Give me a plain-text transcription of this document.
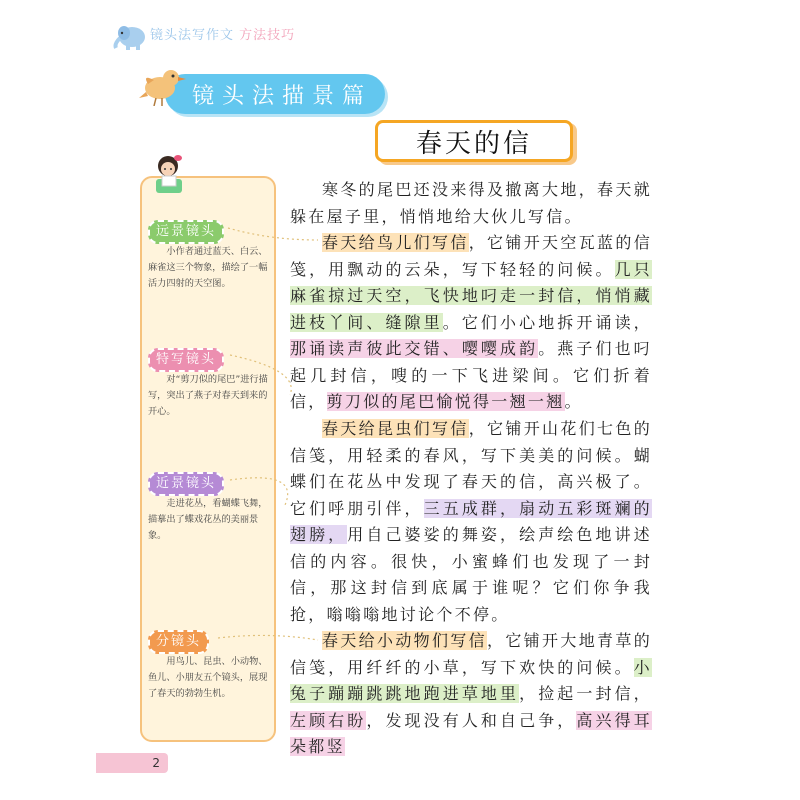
镜头法写作文 方法技巧
镜头法描景篇
春天的信
远景镜头
小作者通过蓝天、白云、麻雀这三个物象，描绘了一幅活力四射的天空图。
特写镜头
对“剪刀似的尾巴”进行描写，突出了燕子对春天到来的开心。
近景镜头
走进花丛，看蝴蝶飞舞，描摹出了蝶戏花丛的美丽景象。
分镜头
用鸟儿、昆虫、小动物、鱼儿、小朋友五个镜头，展现了春天的勃勃生机。
寒冬的尾巴还没来得及撤离大地，春天就躲在屋子里，悄悄地给大伙儿写信。
春天给鸟儿们写信，它铺开天空瓦蓝的信笺，用飘动的云朵，写下轻轻的问候。几只麻雀掠过天空，飞快地叼走一封信，悄悄藏进枝丫间、缝隙里。它们小心地拆开诵读，那诵读声彼此交错、嘤嘤成韵。燕子们也叼起几封信，嗖的一下飞进梁间。它们折着信，剪刀似的尾巴愉悦得一翘一翘。
春天给昆虫们写信，它铺开山花们七色的信笺，用轻柔的春风，写下美美的问候。蝴蝶们在花丛中发现了春天的信，高兴极了。它们呼朋引伴，三五成群，扇动五彩斑斓的翅膀，用自己婆娑的舞姿，绘声绘色地讲述信的内容。很快，小蜜蜂们也发现了一封信，那这封信到底属于谁呢？它们你争我抢，嗡嗡嗡地讨论个不停。
春天给小动物们写信，它铺开大地青草的信笺，用纤纤的小草，写下欢快的问候。小兔子蹦蹦跳跳地跑进草地里，捡起一封信，左顾右盼，发现没有人和自己争，高兴得耳朵都竖
2
